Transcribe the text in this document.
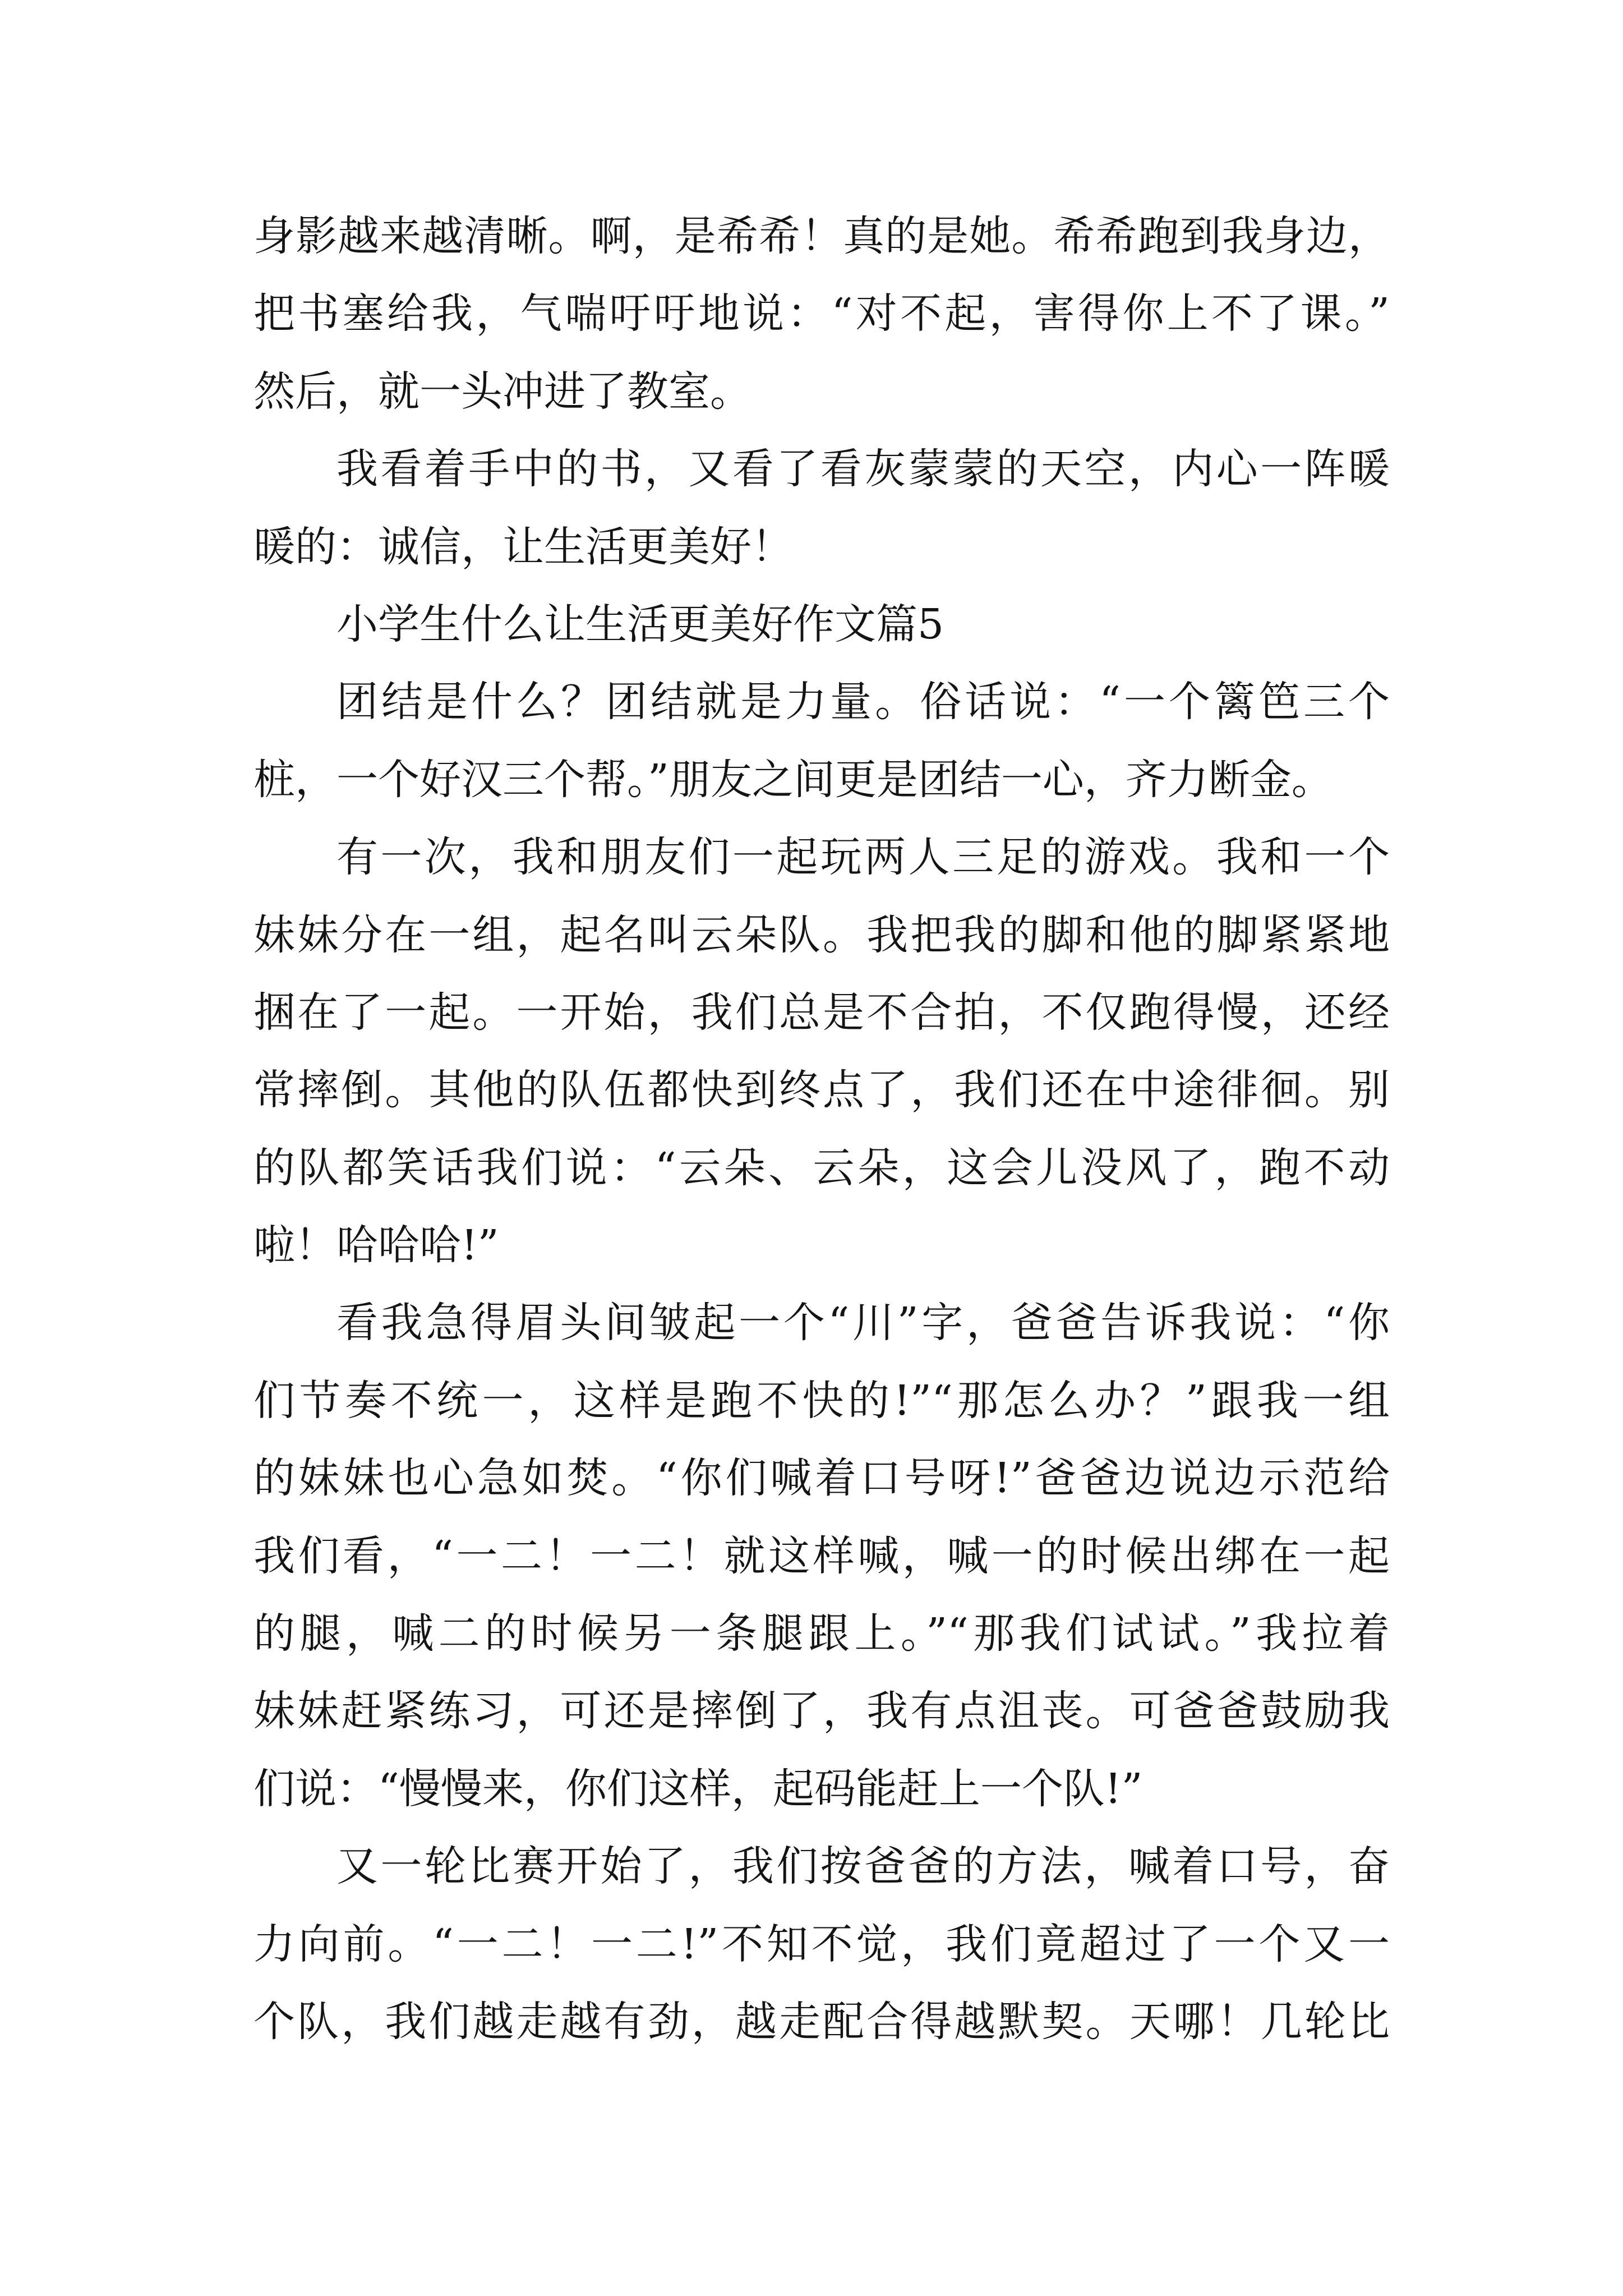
身影越来越清晰。啊，是希希！真的是她。希希跑到我身边，
把书塞给我，气喘吁吁地说：“对不起，害得你上不了课。”
然后，就一头冲进了教室。
我看着手中的书，又看了看灰蒙蒙的天空，内心一阵暖
暖的：诚信，让生活更美好！
小学生什么让生活更美好作文篇5
团结是什么？团结就是力量。俗话说：“一个篱笆三个
桩，一个好汉三个帮。”朋友之间更是团结一心，齐力断金。
有一次，我和朋友们一起玩两人三足的游戏。我和一个
妹妹分在一组，起名叫云朵队。我把我的脚和他的脚紧紧地
捆在了一起。一开始，我们总是不合拍，不仅跑得慢，还经
常摔倒。其他的队伍都快到终点了，我们还在中途徘徊。别
的队都笑话我们说：“云朵、云朵，这会儿没风了，跑不动
啦！哈哈哈!”
看我急得眉头间皱起一个“川”字，爸爸告诉我说：“你
们节奏不统一，这样是跑不快的!”“那怎么办？”跟我一组
的妹妹也心急如焚。“你们喊着口号呀!”爸爸边说边示范给
我们看，“一二！一二！就这样喊，喊一的时候出绑在一起
的腿，喊二的时候另一条腿跟上。”“那我们试试。”我拉着
妹妹赶紧练习，可还是摔倒了，我有点沮丧。可爸爸鼓励我
们说：“慢慢来，你们这样，起码能赶上一个队!”
又一轮比赛开始了，我们按爸爸的方法，喊着口号，奋
力向前。“一二！一二!”不知不觉，我们竟超过了一个又一
个队，我们越走越有劲，越走配合得越默契。天哪！几轮比
